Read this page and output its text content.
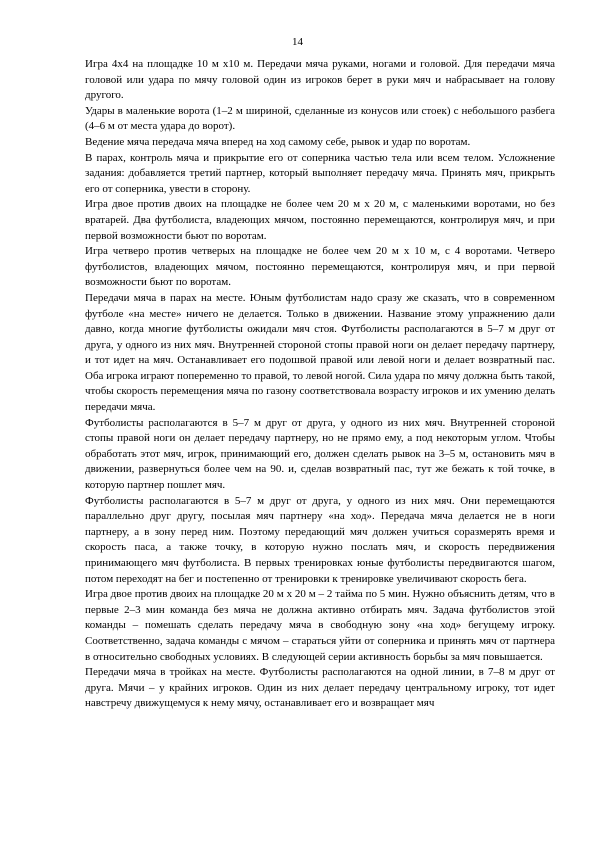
14

Игра 4х4 на площадке 10 м х10 м. Передачи мяча руками, ногами и головой. Для передачи мяча головой или удара по мячу головой один из игроков берет в руки мяч и набрасывает на голову другого.

Удары в маленькие ворота (1–2 м шириной, сделанные из конусов или стоек) с небольшого разбега (4–6 м от места удара до ворот).

Ведение мяча передача мяча вперед на ход самому себе, рывок и удар по воротам.

В парах, контроль мяча и прикрытие его от соперника частью тела или всем телом. Усложнение задания: добавляется третий партнер, который выполняет передачу мяча. Принять мяч, прикрыть его от соперника, увести в сторону.

Игра двое против двоих на площадке не более чем 20 м х 20 м, с маленькими воротами, но без вратарей. Два футболиста, владеющих мячом, постоянно перемещаются, контролируя мяч, и при первой возможности бьют по воротам.

Игра четверо против четверых на площадке не более чем 20 м х 10 м, с 4 воротами. Четверо футболистов, владеющих мячом, постоянно перемещаются, контролируя мяч, и при первой возможности бьют по воротам.

Передачи мяча в парах на месте. Юным футболистам надо сразу же сказать, что в современном футболе «на месте» ничего не делается. Только в движении. Название этому упражнению дали давно, когда многие футболисты ожидали мяч стоя. Футболисты располагаются в 5–7 м друг от друга, у одного из них мяч. Внутренней стороной стопы правой ноги он делает передачу партнеру, и тот идет на мяч. Останавливает его подошвой правой или левой ноги и делает возвратный пас. Оба игрока играют попеременно то правой, то левой ногой. Сила удара по мячу должна быть такой, чтобы скорость перемещения мяча по газону соответствовала возрасту игроков и их умению делать передачи мяча.

Футболисты располагаются в 5–7 м друг от друга, у одного из них мяч. Внутренней стороной стопы правой ноги он делает передачу партнеру, но не прямо ему, а под некоторым углом. Чтобы обработать этот мяч, игрок, принимающий его, должен сделать рывок на 3–5 м, остановить мяч в движении, развернуться более чем на 90. и, сделав возвратный пас, тут же бежать к той точке, в которую партнер пошлет мяч.

Футболисты располагаются в 5–7 м друг от друга, у одного из них мяч. Они перемещаются параллельно друг другу, посылая мяч партнеру «на ход». Передача мяча делается не в ноги партнеру, а в зону перед ним. Поэтому передающий мяч должен учиться соразмерять время и скорость паса, а также точку, в которую нужно послать мяч, и скорость передвижения принимающего мяч футболиста. В первых тренировках юные футболисты передвигаются шагом, потом переходят на бег и постепенно от тренировки к тренировке увеличивают скорость бега.

Игра двое против двоих на площадке 20 м х 20 м – 2 тайма по 5 мин. Нужно объяснить детям, что в первые 2–3 мин команда без мяча не должна активно отбирать мяч. Задача футболистов этой команды – помешать сделать передачу мяча в свободную зону «на ход» бегущему игроку. Соответственно, задача команды с мячом – стараться уйти от соперника и принять мяч от партнера в относительно свободных условиях. В следующей серии активность борьбы за мяч повышается.

Передачи мяча в тройках на месте. Футболисты располагаются на одной линии, в 7–8 м друг от друга. Мячи – у крайних игроков. Один из них делает передачу центральному игроку, тот идет навстречу движущемуся к нему мячу, останавливает его и возвращает мяч
